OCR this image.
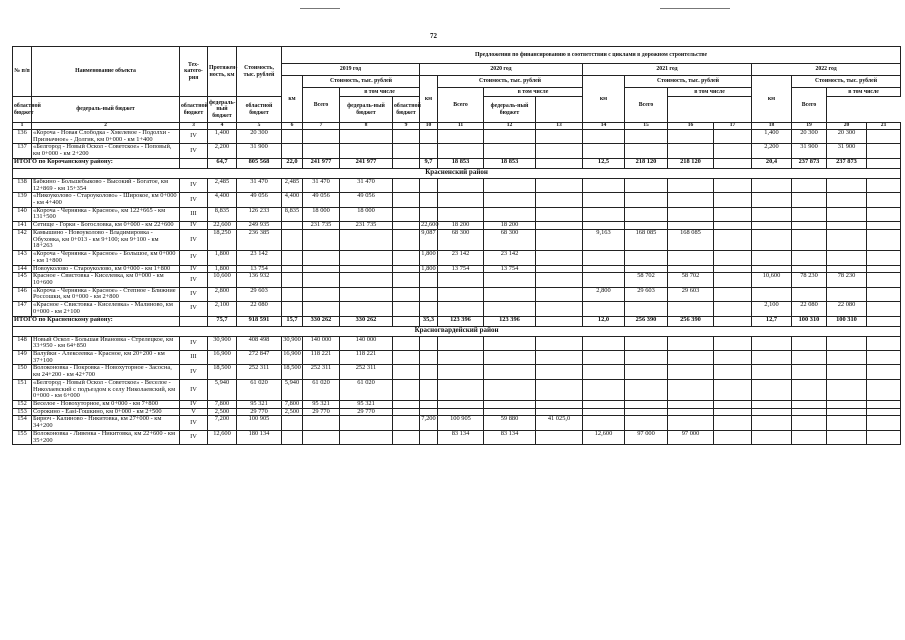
72
№ п/п	Наименование объекта	Тех-катего-рия	Протяжен-ность, км	Стоимость, тыс. рублей	Предложения по финансированию в соответствии с циклами в дорожном строительстве															
					2019 год				2020 год				2021 год				2022 год			
					км	Стоимость, тыс. рублей			км	Стоимость, тыс. рублей			км	Стоимость, тыс. рублей			км	Стоимость, тыс. рублей		
						Всего	в том числе			Всего	в том числе			Всего	в том числе			Всего	в том числе	
областной бюджет	федераль-ный бюджет	областной бюджет	федераль-ный бюджет	областной бюджет			федераль-ный бюджет	областной бюджет			федераль-ный бюджет									
1	2	3	4	5	6	7	8	9	10	11	12	13	14	15	16	17	18	19	20	21
136	«Короча - Новая Слободка - Хмелевое - Подолхи - Призначное» - Долгик, км 0+000 - км 1+400	IV	1,400	20 300													1,400	20 300	20 300	
137	«Белгород - Новый Оскол - Советское» - Поповый, км 0+000 - км 2+200	IV	2,200	31 900													2,200	31 900	31 900	
ИТОГО по Корочанскому району:			64,7	805 568	22,0	241 977	241 977		9,7	18 853	18 853		12,5	218 120	218 120		20,4	237 873	237 873	
Красненский район																				
138	Бабкино - Большебыково - Высокий - Богатое, км 12+869 - км 15+354	IV	2,485	31 470	2,485	31 470	31 470													
139	«Никоуколово - Староуколово» - Широкое, км 0+000 - км 4+400	IV	4,400	49 056	4,400	49 056	49 056													
140	«Короча - Чернянка - Красное», км 122+665 - км 131+500	III	8,835	126 233	8,835	18 000	18 000													
141	Сетище - Горки - Богословка, км 0+000 - км 22+600	IV	22,600	249 935		231 735	231 735		22,600	18 200	18 200									
142	Камышино - Новоуколово - Владимировка - Обуховка, км 0+013 - км 9+100; км 9+100 - км 18+263	IV	18,250	236 385					9,087	68 300	68 300		9,163	168 085	168 085					
143	«Короча - Чернянка - Красное» - Большое, км 0+000 - км 1+800	IV	1,800	23 142					1,800	23 142	23 142									
144	Новоуколово - Староуколово, км 0+000 - км 1+800	IV	1,800	13 754					1,800	13 754	13 754									
145	Красное - Свистовка - Киселевка, км 0+000 - км 10+600	IV	10,600	136 932										58 702	58 702		10,600	78 230	78 230	
146	«Короча - Чернянка - Красное» - Степное - Ближние Россошки, км 0+000 - км 2+800	IV	2,800	29 603									2,800	29 603	29 603					
147	«Красное - Свистовка - Киселевка» - Малиново, км 0+000 - км 2+100	IV	2,100	22 080													2,100	22 080	22 080	
ИТОГО по Красненскому району:			75,7	918 591	15,7	330 262	330 262		35,3	123 396	123 396		12,0	256 390	256 390		12,7	100 310	100 310	
Красногвардейский район																				
148	Новый Оскол - Большая Ивановка - Стрелецкое, км 33+950 - км 64+850	IV	30,900	408 498	30,900	140 000	140 000													
149	Валуйки - Алексеевка - Красное, км 20+200 - км 37+100	III	16,900	272 847	16,900	118 221	118 221													
150	Волоконовка - Покровка - Новохуторное - Засосна, км 24+200 - км 42+700	IV	18,500	252 311	18,500	252 311	252 311													
151	«Белгород - Новый Оскол - Советское» - Веселое - Николаевский с подъездом к селу Николаевский, км 0+000 - км 6+000	IV	5,940	61 020	5,940	61 020	61 020													
152	Веселое - Новохуторное, км 0+000 - км 7+800	IV	7,800	95 321	7,800	95 321	95 321													
153	Сорокино - East-Гошкино, км 0+000 - км 2+500	V	2,500	29 770	2,500	29 770	29 770													
154	Бирюч - Калиново - Никитовка, км 27+000 - км 34+200	IV	7,200	100 905					7,200	100 905	59 880	41 025,0								
155	Волоконовка - Ливенка - Никитовка, км 22+600 - км 35+200	IV	12,600	180 134						83 134	83 134		12,600	97 000	97 000					
